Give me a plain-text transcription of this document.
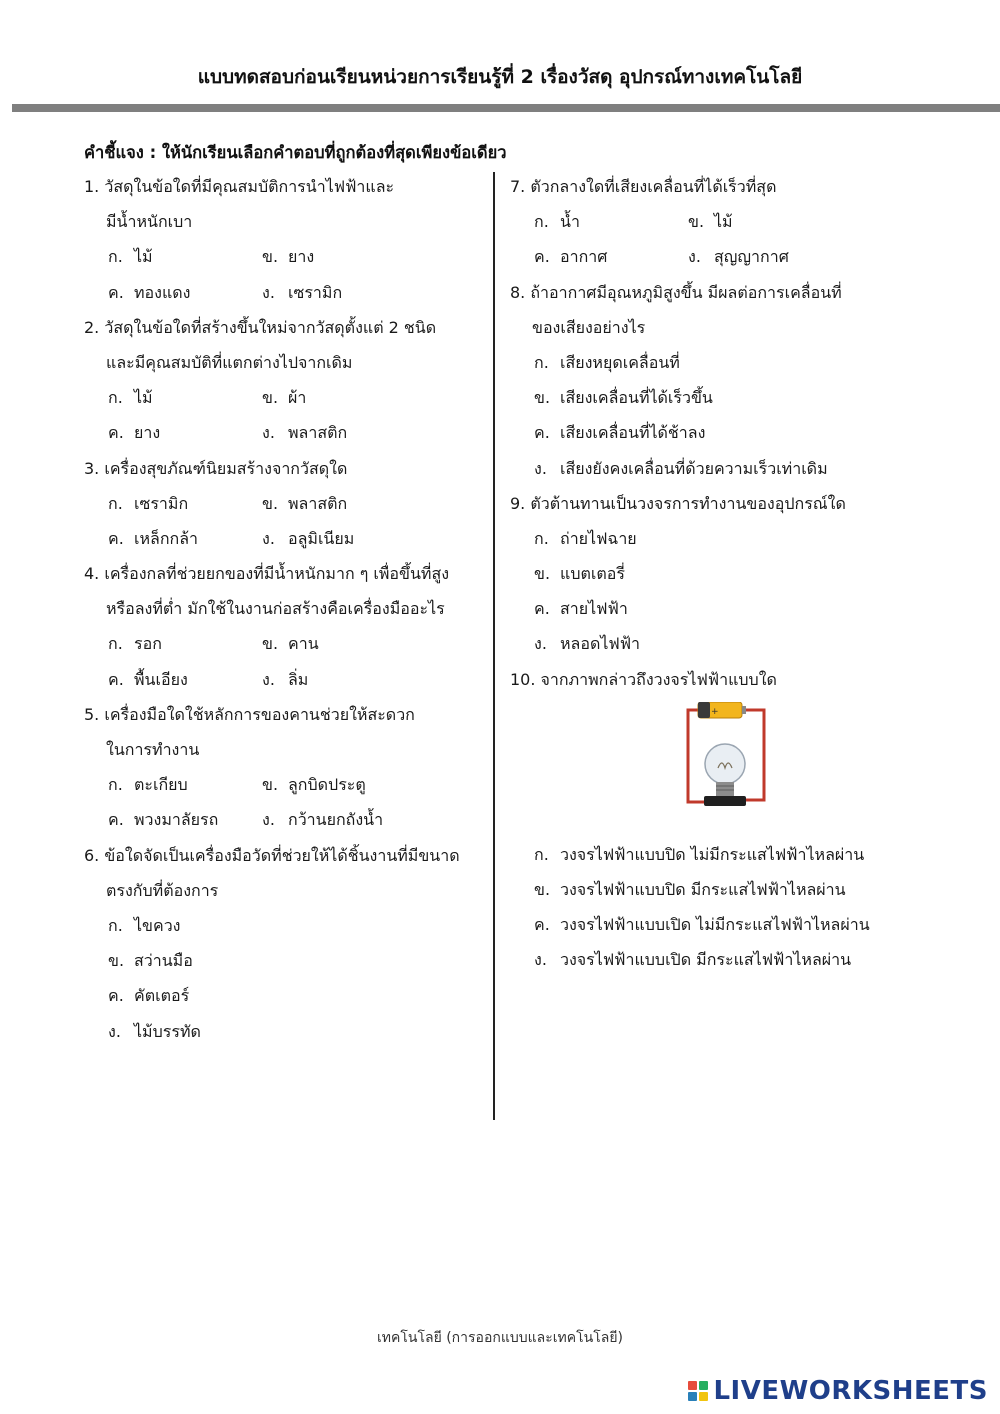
แบบทดสอบก่อนเรียนหน่วยการเรียนรู้ที่ 2 เรื่องวัสดุ อุปกรณ์ทางเทคโนโลยี
คำชี้แจง : ให้นักเรียนเลือกคำตอบที่ถูกต้องที่สุดเพียงข้อเดียว
1. วัสดุในข้อใดที่มีคุณสมบัติการนำไฟฟ้าและ
มีน้ำหนักเบา
ก. ไม้	ข. ยาง
ค. ทองแดง	ง. เซรามิก
2. วัสดุในข้อใดที่สร้างขึ้นใหม่จากวัสดุตั้งแต่ 2 ชนิด
และมีคุณสมบัติที่แตกต่างไปจากเดิม
ก. ไม้	ข. ผ้า
ค. ยาง	ง. พลาสติก
3. เครื่องสุขภัณฑ์นิยมสร้างจากวัสดุใด
ก. เซรามิก	ข. พลาสติก
ค. เหล็กกล้า	ง. อลูมิเนียม
4. เครื่องกลที่ช่วยยกของที่มีน้ำหนักมาก ๆ เพื่อขึ้นที่สูง
หรือลงที่ต่ำ มักใช้ในงานก่อสร้างคือเครื่องมืออะไร
ก. รอก	ข. คาน
ค. พื้นเอียง	ง. ลิ่ม
5. เครื่องมือใดใช้หลักการของคานช่วยให้สะดวก
ในการทำงาน
ก. ตะเกียบ	ข. ลูกบิดประตู
ค. พวงมาลัยรถ	ง. กว้านยกถังน้ำ
6. ข้อใดจัดเป็นเครื่องมือวัดที่ช่วยให้ได้ชิ้นงานที่มีขนาด
ตรงกับที่ต้องการ
ก. ไขควง
ข. สว่านมือ
ค. คัตเตอร์
ง. ไม้บรรทัด
7. ตัวกลางใดที่เสียงเคลื่อนที่ได้เร็วที่สุด
ก. น้ำ	ข. ไม้
ค. อากาศ	ง. สุญญากาศ
8. ถ้าอากาศมีอุณหภูมิสูงขึ้น มีผลต่อการเคลื่อนที่
ของเสียงอย่างไร
ก. เสียงหยุดเคลื่อนที่
ข. เสียงเคลื่อนที่ได้เร็วขึ้น
ค. เสียงเคลื่อนที่ได้ช้าลง
ง. เสียงยังคงเคลื่อนที่ด้วยความเร็วเท่าเดิม
9. ตัวต้านทานเป็นวงจรการทำงานของอุปกรณ์ใด
ก. ถ่ายไฟฉาย
ข. แบตเตอรี่
ค. สายไฟฟ้า
ง. หลอดไฟฟ้า
10. จากภาพกล่าวถึงวงจรไฟฟ้าแบบใด
+
ก. วงจรไฟฟ้าแบบปิด ไม่มีกระแสไฟฟ้าไหลผ่าน
ข. วงจรไฟฟ้าแบบปิด มีกระแสไฟฟ้าไหลผ่าน
ค. วงจรไฟฟ้าแบบเปิด ไม่มีกระแสไฟฟ้าไหลผ่าน
ง. วงจรไฟฟ้าแบบเปิด มีกระแสไฟฟ้าไหลผ่าน
เทคโนโลยี (การออกแบบและเทคโนโลยี)
LIVEWORKSHEETS
